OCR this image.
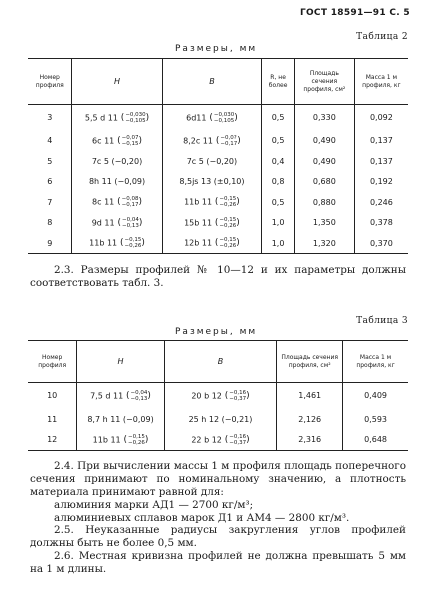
ГОСТ 18591—91 С. 5
Таблица 2
Размеры, мм
Номер профиля	H	B	R, не более	Площадь сечения профиля, см²	Масса 1 м профиля, кг
3	5,5 d 11 ( −0,030
−0,105 )	6d11 ( −0,030
−0,105 )	0,5	0,330	0,092
4	6c 11 ( −0,07
−0,15 )	8,2c 11 ( −0,0?
−0,17 )	0,5	0,490	0,137
5	7c 5 (−0,20)	7c 5 (−0,20)	0,4	0,490	0,137
6	8h 11 (−0,09)	8,5js 13 (±0,10)	0,8	0,680	0,192
7	8c 11 ( −0,08
−0,17 )	11b 11 ( −0,15
−0,26 )	0,5	0,880	0,246
8	9d 11 ( −0,04
−0,13 )	15b 11 ( −0,15
−0,26 )	1,0	1,350	0,378
9	11b 11 ( −0,15
−0,26 )	12b 11 ( −0,15
−0,26 )	1,0	1,320	0,370

2.3. Размеры профилей № 10—12 и их параметры должны соответствовать табл. 3.

Таблица 3
Размеры, мм
Номер профиля	H	B	Площадь сечения профиля, см²	Масса 1 м профиля, кг
10	7,5 d 11 ( −0,04
−0,13 )	20 b 12 ( −0,16
−0,37 )	1,461	0,409
11	8,7 h 11 (−0,09)	25 h 12 (−0,21)	2,126	0,593
12	11b 11 ( −0,15
−0,26 )	22 b 12 ( −0,16
−0,37 )	2,316	0,648

2.4. При вычислении массы 1 м профиля площадь поперечного сечения принимают по номинальному значению, а плотность материала принимают равной для:

алюминия марки АД1 — 2700 кг/м³;

алюминиевых сплавов марок Д1 и АМ4 — 2800 кг/м³.

2.5. Неуказанные радиусы закругления углов профилей должны быть не более 0,5 мм.

2.6. Местная кривизна профилей не должна превышать 5 мм на 1 м длины.
